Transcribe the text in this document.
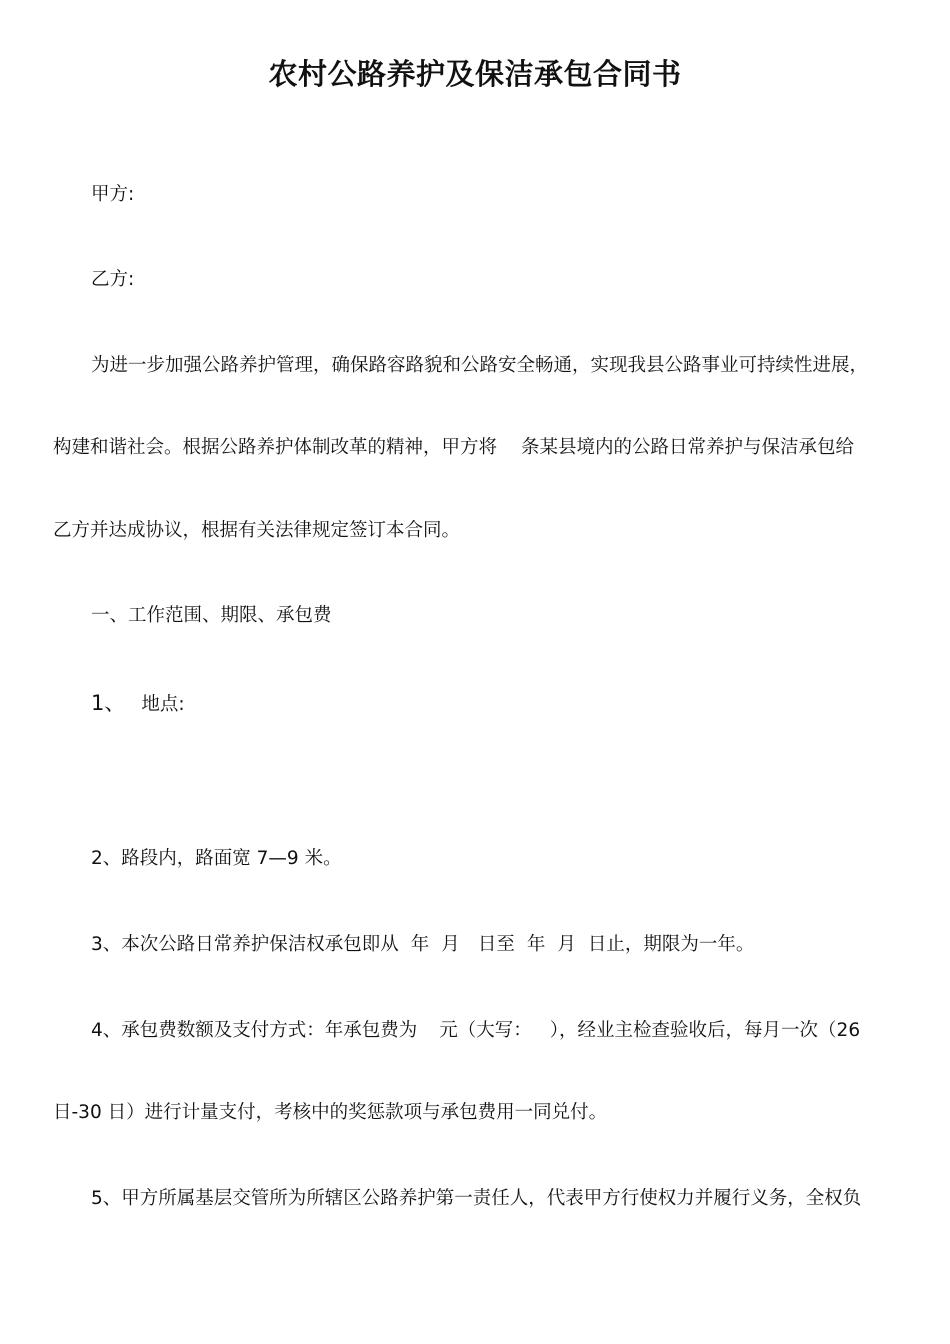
农村公路养护及保洁承包合同书
甲方:
乙方:
为进一步加强公路养护管理，确保路容路貌和公路安全畅通，实现我县公路事业可持续性进展，
构建和谐社会。根据公路养护体制改革的精神，甲方将 条某县境内的公路日常养护与保洁承包给
乙方并达成协议，根据有关法律规定签订本合同。
一、工作范围、期限、承包费
1、 地点:
2、路段内，路面宽 7—9 米。
3、本次公路日常养护保洁权承包即从 年 月 日至 年 月 日止，期限为一年。
4、承包费数额及支付方式：年承包费为 元（大写： ），经业主检查验收后，每月一次（26
日-30 日）进行计量支付，考核中的奖惩款项与承包费用一同兑付。
5、甲方所属基层交管所为所辖区公路养护第一责任人，代表甲方行使权力并履行义务，全权负
